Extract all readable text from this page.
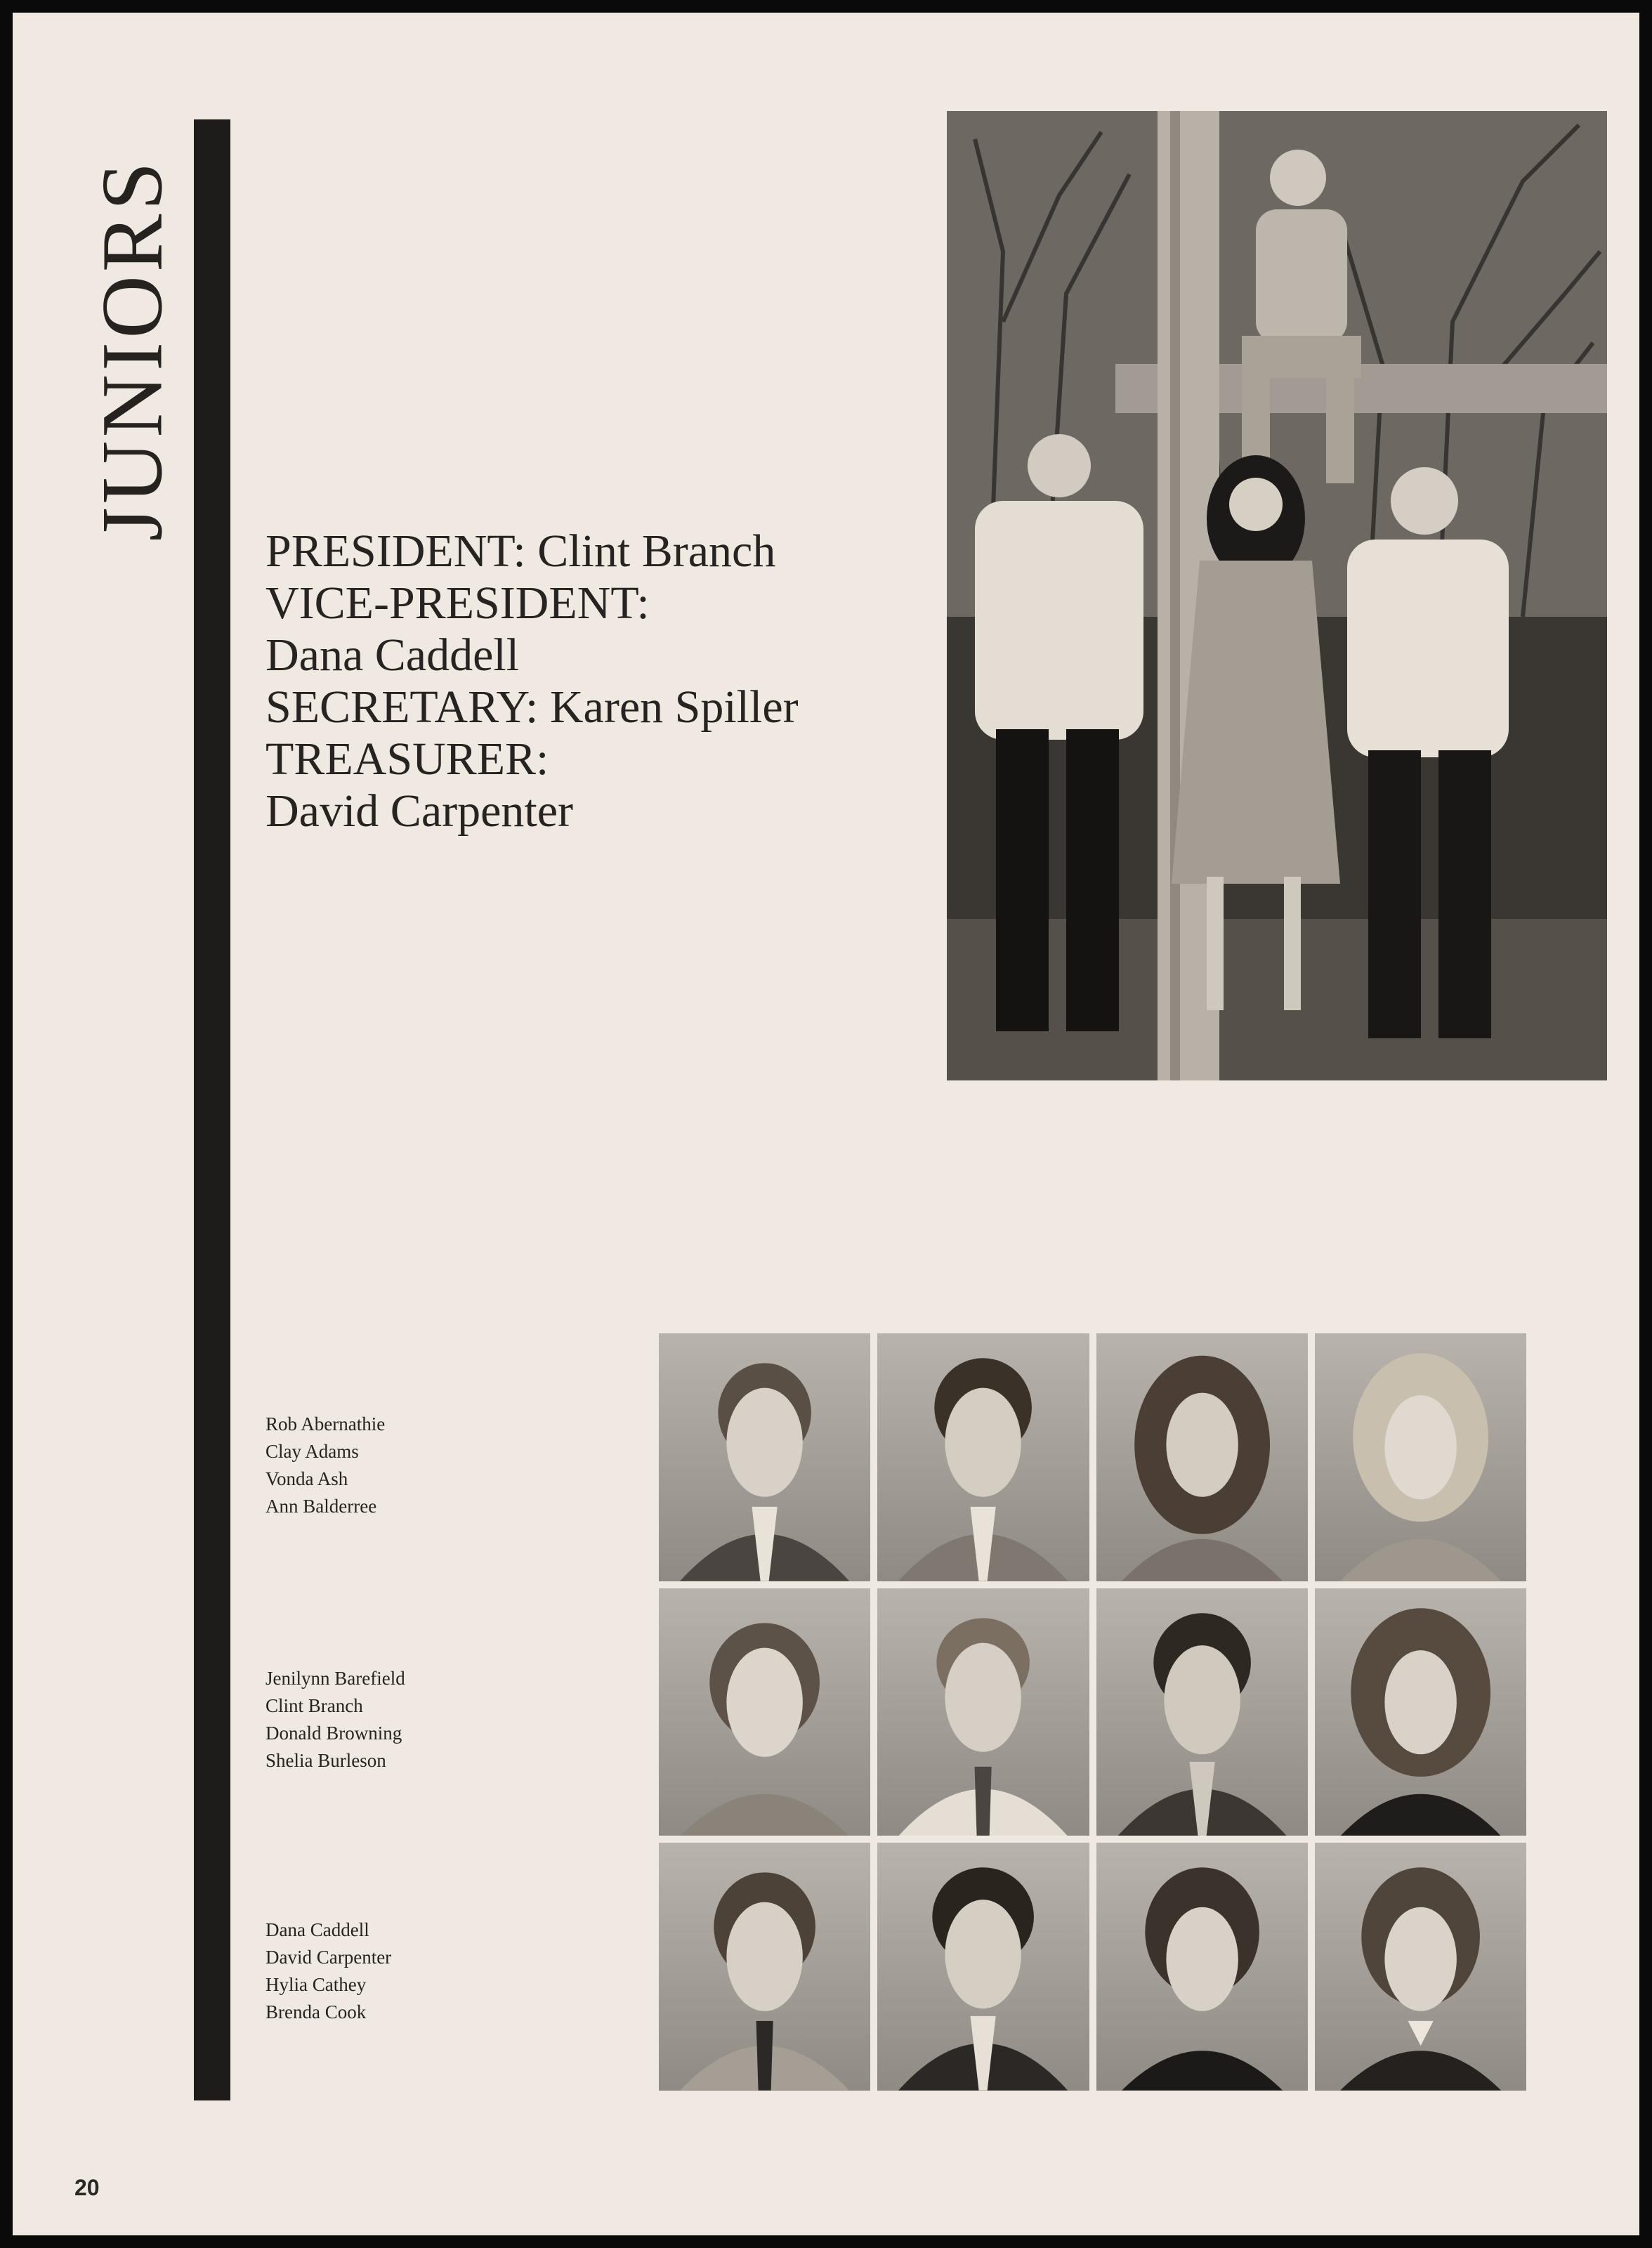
JUNIORS
PRESIDENT: Clint Branch
VICE-PRESIDENT:
Dana Caddell
SECRETARY: Karen Spiller
TREASURER:
David Carpenter
Rob Abernathie
Clay Adams
Vonda Ash
Ann Balderree
Jenilynn Barefield
Clint Branch
Donald Browning
Shelia Burleson
Dana Caddell
David Carpenter
Hylia Cathey
Brenda Cook
20
